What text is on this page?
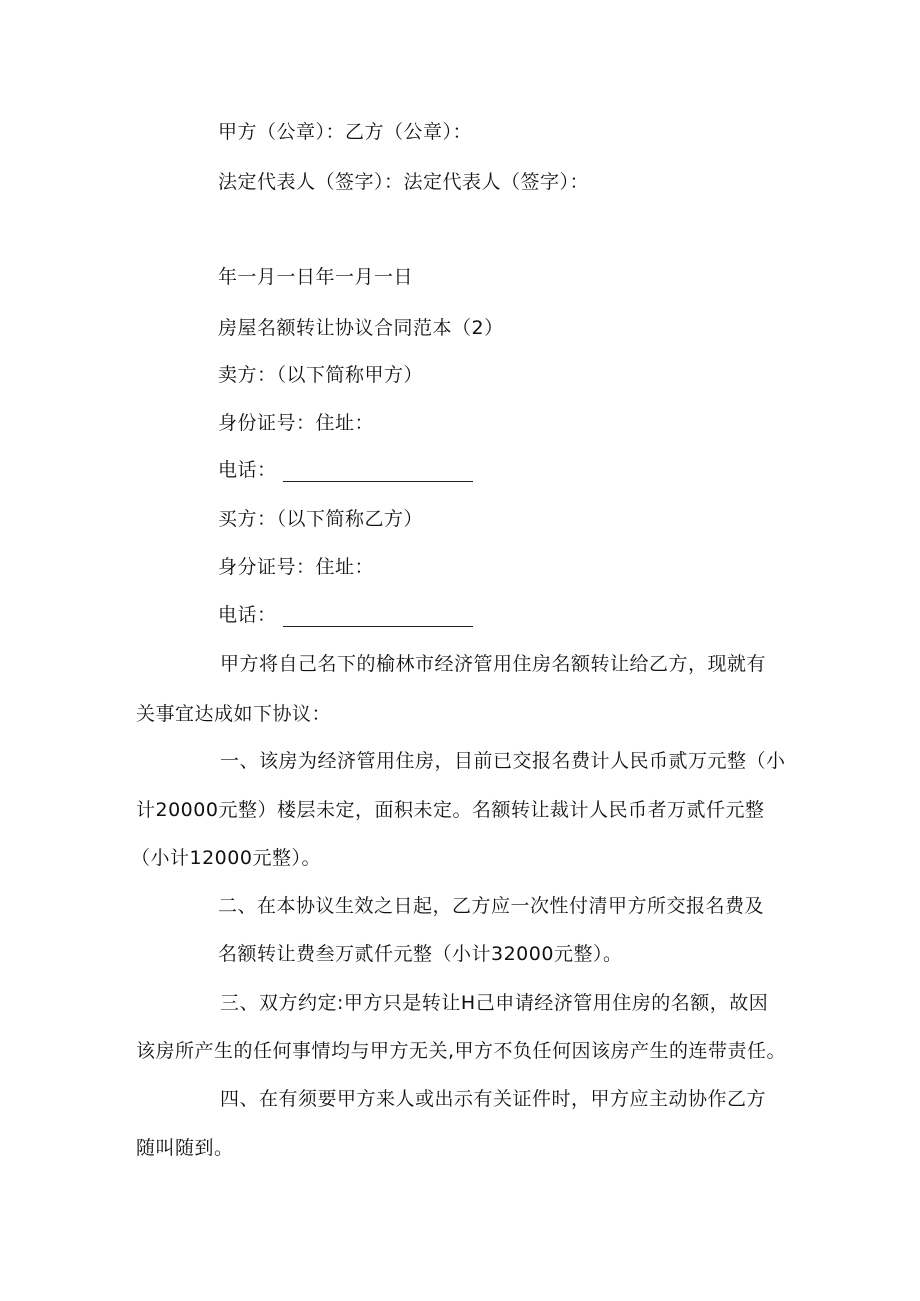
甲方（公章）：乙方（公章）：
法定代表人（签字）：法定代表人（签字）：
年一月一日年一月一日
房屋名额转让协议合同范本（2）
卖方：（以下简称甲方）
身份证号：住址：
电话：
买方：（以下简称乙方）
身分证号：住址：
电话：
甲方将自己名下的榆林市经济管用住房名额转让给乙方，现就有
关事宜达成如下协议：
一、该房为经济管用住房，目前已交报名费计人民币贰万元整（小
计20000元整）楼层未定，面积未定。名额转让裁计人民币者万贰仟元整
（小计12000元整）。
二、在本协议生效之日起，乙方应一次性付清甲方所交报名费及
名额转让费叁万贰仟元整（小计32000元整）。
三、双方约定:甲方只是转让H己申请经济管用住房的名额，故因
该房所产生的任何事情均与甲方无关,甲方不负任何因该房产生的连带责任。
四、在有须要甲方来人或出示有关证件时，甲方应主动协作乙方
随叫随到。
